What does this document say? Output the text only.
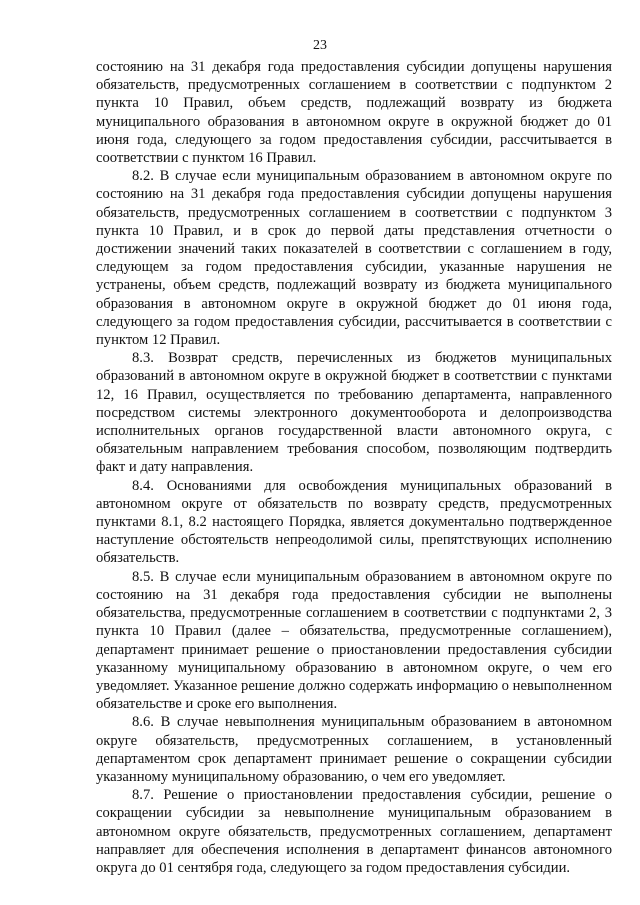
23

состоянию на 31 декабря года предоставления субсидии допущены нарушения обязательств, предусмотренных соглашением в соответствии с подпунктом 2 пункта 10 Правил, объем средств, подлежащий возврату из бюджета муниципального образования в автономном округе в окружной бюджет до 01 июня года, следующего за годом предоставления субсидии, рассчитывается в соответствии с пунктом 16 Правил.

8.2. В случае если муниципальным образованием в автономном округе по состоянию на 31 декабря года предоставления субсидии допущены нарушения обязательств, предусмотренных соглашением в соответствии с подпунктом 3 пункта 10 Правил, и в срок до первой даты представления отчетности о достижении значений таких показателей в соответствии с соглашением в году, следующем за годом предоставления субсидии, указанные нарушения не устранены, объем средств, подлежащий возврату из бюджета муниципального образования в автономном округе в окружной бюджет до 01 июня года, следующего за годом предоставления субсидии, рассчитывается в соответствии с пунктом 12 Правил.

8.3. Возврат средств, перечисленных из бюджетов муниципальных образований в автономном округе в окружной бюджет в соответствии с пунктами 12, 16 Правил, осуществляется по требованию департамента, направленного посредством системы электронного документооборота и делопроизводства исполнительных органов государственной власти автономного округа, с обязательным направлением требования способом, позволяющим подтвердить факт и дату направления.

8.4. Основаниями для освобождения муниципальных образований в автономном округе от обязательств по возврату средств, предусмотренных пунктами 8.1, 8.2 настоящего Порядка, является документально подтвержденное наступление обстоятельств непреодолимой силы, препятствующих исполнению обязательств.

8.5. В случае если муниципальным образованием в автономном округе по состоянию на 31 декабря года предоставления субсидии не выполнены обязательства, предусмотренные соглашением в соответствии с подпунктами 2, 3 пункта 10 Правил (далее – обязательства, предусмотренные соглашением), департамент принимает решение о приостановлении предоставления субсидии указанному муниципальному образованию в автономном округе, о чем его уведомляет. Указанное решение должно содержать информацию о невыполненном обязательстве и сроке его выполнения.

8.6. В случае невыполнения муниципальным образованием в автономном округе обязательств, предусмотренных соглашением, в установленный департаментом срок департамент принимает решение о сокращении субсидии указанному муниципальному образованию, о чем его уведомляет.

8.7. Решение о приостановлении предоставления субсидии, решение о сокращении субсидии за невыполнение муниципальным образованием в автономном округе обязательств, предусмотренных соглашением, департамент направляет для обеспечения исполнения в департамент финансов автономного округа до 01 сентября года, следующего за годом предоставления субсидии.
